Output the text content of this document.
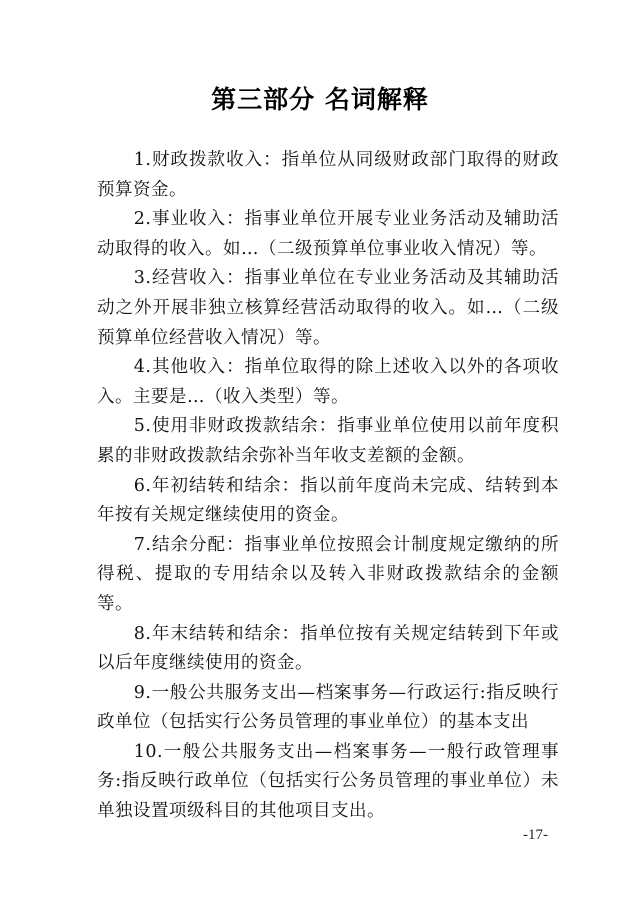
第三部分 名词解释

1.财政拨款收入：指单位从同级财政部门取得的财政预算资金。

2.事业收入：指事业单位开展专业业务活动及辅助活动取得的收入。如…（二级预算单位事业收入情况）等。

3.经营收入：指事业单位在专业业务活动及其辅助活动之外开展非独立核算经营活动取得的收入。如…（二级预算单位经营收入情况）等。

4.其他收入：指单位取得的除上述收入以外的各项收入。主要是…（收入类型）等。

5.使用非财政拨款结余：指事业单位使用以前年度积累的非财政拨款结余弥补当年收支差额的金额。

6.年初结转和结余：指以前年度尚未完成、结转到本年按有关规定继续使用的资金。

7.结余分配：指事业单位按照会计制度规定缴纳的所得税、提取的专用结余以及转入非财政拨款结余的金额等。

8.年末结转和结余：指单位按有关规定结转到下年或以后年度继续使用的资金。

9.一般公共服务支出—档案事务—行政运行:指反映行政单位（包括实行公务员管理的事业单位）的基本支出

10.一般公共服务支出—档案事务—一般行政管理事务:指反映行政单位（包括实行公务员管理的事业单位）未单独设置项级科目的其他项目支出。

-17-
